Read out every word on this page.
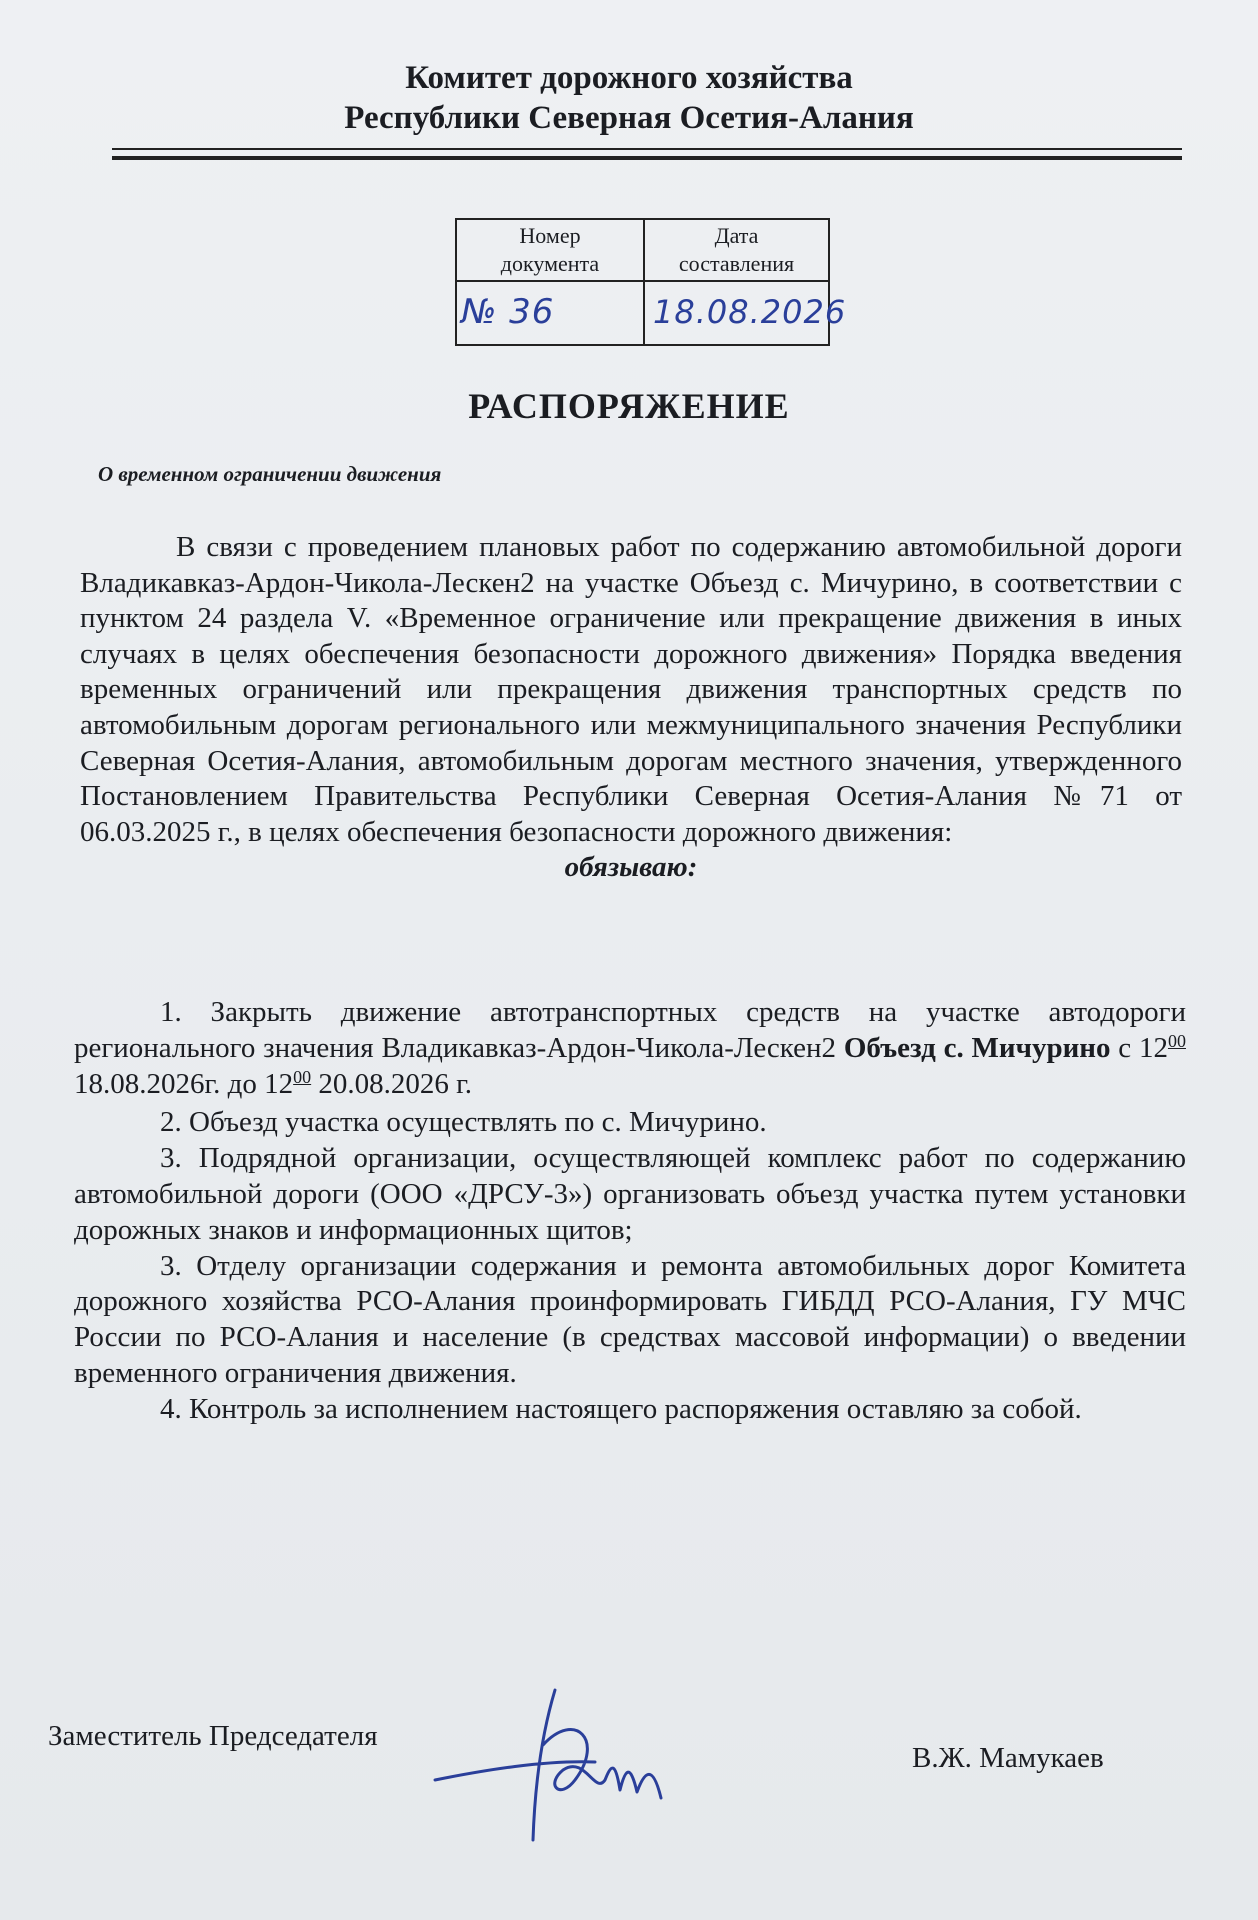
Комитет дорожного хозяйства
Республики Северная Осетия-Алания
Номер
документа
Дата
составления
№ 36	18.08.2026
РАСПОРЯЖЕНИЕ
О временном ограничении движения

В связи с проведением плановых работ по содержанию автомобильной дороги Владикавказ-Ардон-Чикола-Лескен2 на участке Объезд с. Мичурино, в соответствии с пунктом 24 раздела V. «Временное ограничение или прекращение движения в иных случаях в целях обеспечения безопасности дорожного движения» Порядка введения временных ограничений или прекращения движения транспортных средств по автомобильным дорогам регионального или межмуниципального значения Республики Северная Осетия-Алания, автомобильным дорогам местного значения, утвержденного Постановлением Правительства Республики Северная Осетия-Алания №71 от 06.03.2025 г., в целях обеспечения безопасности дорожного движения:

обязываю:

1. Закрыть движение автотранспортных средств на участке автодороги регионального значения Владикавказ-Ардон-Чикола-Лескен2 Объезд с. Мичурино с $12^{00}$ 18.08.2026г. до $12^{00}$ 20.08.2026 г.

2. Объезд участка осуществлять по с. Мичурино.

3. Подрядной организации, осуществляющей комплекс работ по содержанию автомобильной дороги (ООО «ДРСУ-3») организовать объезд участка путем установки дорожных знаков и информационных щитов;

3. Отделу организации содержания и ремонта автомобильных дорог Комитета дорожного хозяйства РСО-Алания проинформировать ГИБДД РСО-Алания, ГУ МЧС России по РСО-Алания и население (в средствах массовой информации) о введении временного ограничения движения.

4. Контроль за исполнением настоящего распоряжения оставляю за собой.

Заместитель Председателя
В.Ж. Мамукаев
